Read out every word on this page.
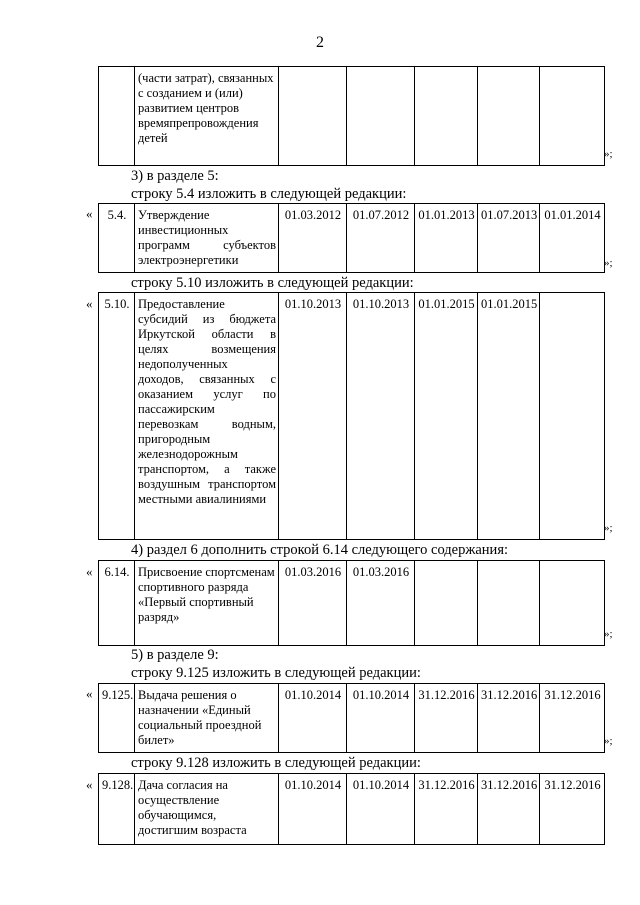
2
	(части затрат), связанных с созданием и (или) развитием центров времяпрепровождения детей					
»;
3) в разделе 5:
строку 5.4 изложить в следующей редакции:
« 5.4.	Утверждение инвестиционных программ субъектов электроэнергетики	01.03.2012	01.07.2012	01.01.2013	01.07.2013	01.01.2014
»;
строку 5.10 изложить в следующей редакции:
« 5.10.	Предоставление субсидий из бюджета Иркутской области в целях возмещения недополученных доходов, связанных с оказанием услуг по пассажирским перевозкам водным, пригородным железнодорожным транспортом, а также воздушным транспортом местными авиалиниями	01.10.2013	01.10.2013	01.01.2015	01.01.2015	
»;
4) раздел 6 дополнить строкой 6.14 следующего содержания:
« 6.14.	Присвоение спортсменам спортивного разряда «Первый спортивный разряд»	01.03.2016	01.03.2016			
»;
5) в разделе 9:
строку 9.125 изложить в следующей редакции:
« 9.125.	Выдача решения о назначении «Единый социальный проездной билет»	01.10.2014	01.10.2014	31.12.2016	31.12.2016	31.12.2016
»;
строку 9.128 изложить в следующей редакции:
« 9.128.	Дача согласия на осуществление обучающимся, достигшим возраста	01.10.2014	01.10.2014	31.12.2016	31.12.2016	31.12.2016
